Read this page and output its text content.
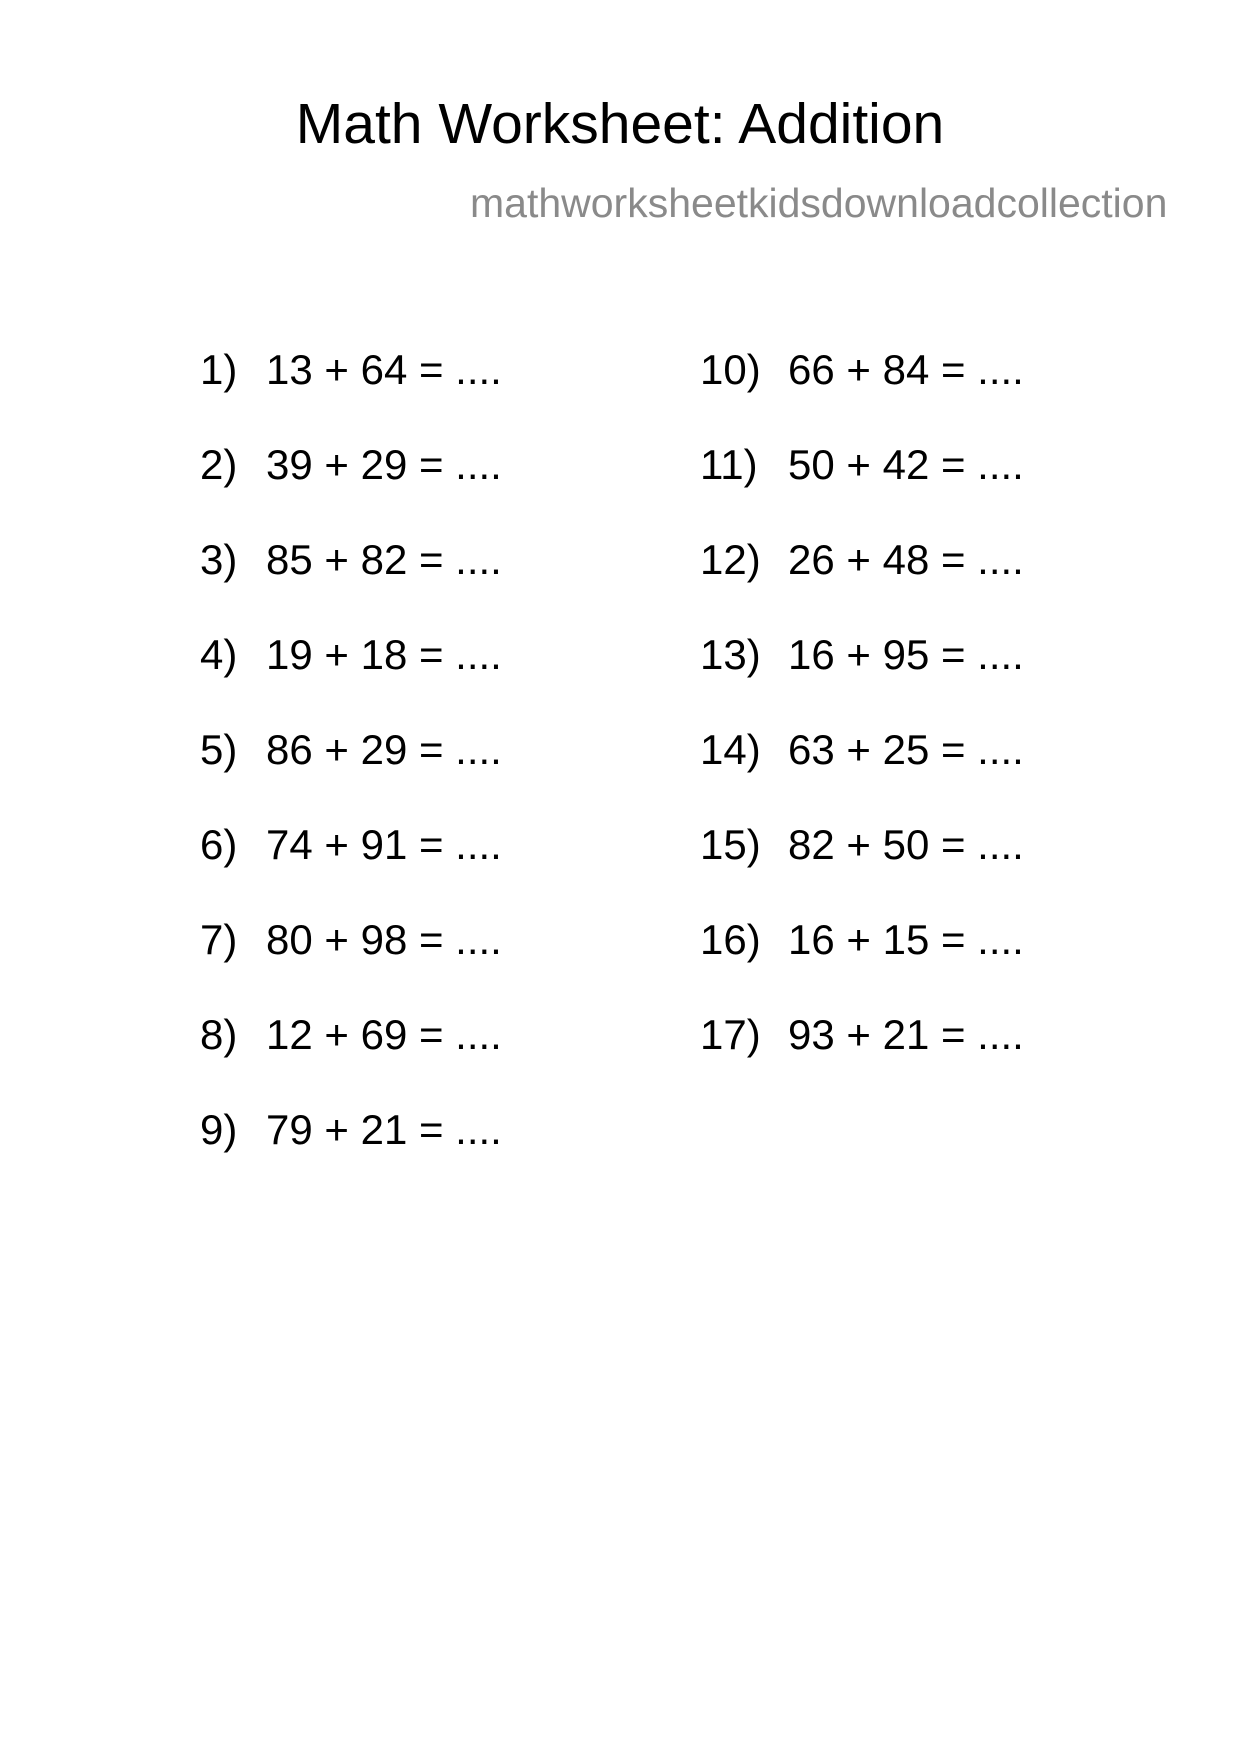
Math Worksheet: Addition
mathworksheetkidsdownloadcollection
1) 13 + 64 = ....
2) 39 + 29 = ....
3) 85 + 82 = ....
4) 19 + 18 = ....
5) 86 + 29 = ....
6) 74 + 91 = ....
7) 80 + 98 = ....
8) 12 + 69 = ....
9) 79 + 21 = ....
10) 66 + 84 = ....
11) 50 + 42 = ....
12) 26 + 48 = ....
13) 16 + 95 = ....
14) 63 + 25 = ....
15) 82 + 50 = ....
16) 16 + 15 = ....
17) 93 + 21 = ....
